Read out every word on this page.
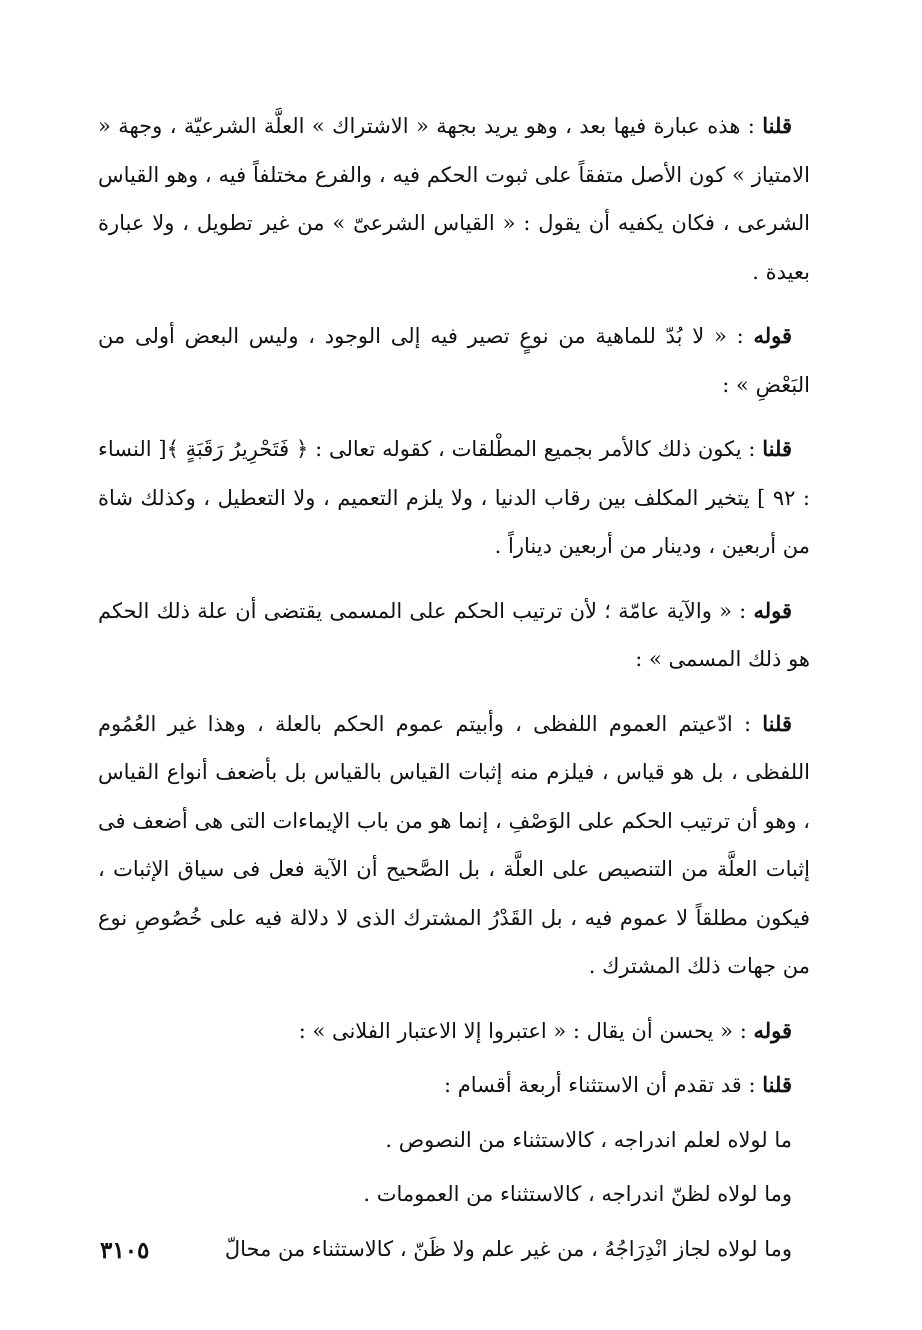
قلنا : هذه عبارة فيها بعد ، وهو يريد بجهة « الاشتراك » العلَّة الشرعيّة ، وجهة « الامتياز » كون الأصل متفقاً على ثبوت الحكم فيه ، والفرع مختلفاً فيه ، وهو القياس الشرعى ، فكان يكفيه أن يقول : « القياس الشرعىّ » من غير تطويل ، ولا عبارة بعيدة .

قوله : « لا بُدّ للماهية من نوعٍ تصير فيه إلى الوجود ، وليس البعض أولى من البَعْضِ » :

قلنا : يكون ذلك كالأمر بجميع المطْلقات ، كقوله تعالى : ﴿ فَتَحْرِيرُ رَقَبَةٍ ﴾[ النساء : ٩٢ ] يتخير المكلف بين رقاب الدنيا ، ولا يلزم التعميم ، ولا التعطيل ، وكذلك شاة من أربعين ، ودينار من أربعين ديناراً .

قوله : « والآية عامّة ؛ لأن ترتيب الحكم على المسمى يقتضى أن علة ذلك الحكم هو ذلك المسمى » :

قلنا : ادّعيتم العموم اللفظى ، وأبيتم عموم الحكم بالعلة ، وهذا غير العُمُوم اللفظى ، بل هو قياس ، فيلزم منه إثبات القياس بالقياس بل بأضعف أنواع القياس ، وهو أن ترتيب الحكم على الوَصْفِ ، إنما هو من باب الإيماءات التى هى أضعف فى إثبات العلَّة من التنصيص على العلَّة ، بل الصَّحيح أن الآية فعل فى سياق الإثبات ، فيكون مطلقاً لا عموم فيه ، بل القَدْرُ المشترك الذى لا دلالة فيه على خُصُوصِ نوع من جهات ذلك المشترك .

قوله : « يحسن أن يقال : « اعتبروا إلا الاعتبار الفلانى » :

قلنا : قد تقدم أن الاستثناء أربعة أقسام :

ما لولاه لعلم اندراجه ، كالاستثناء من النصوص .

وما لولاه لظنّ اندراجه ، كالاستثناء من العمومات .

وما لولاه لجاز انْدِرَاجُهُ ، من غير علم ولا ظَنّ ، كالاستثناء من محالّ

٣١٠٥
